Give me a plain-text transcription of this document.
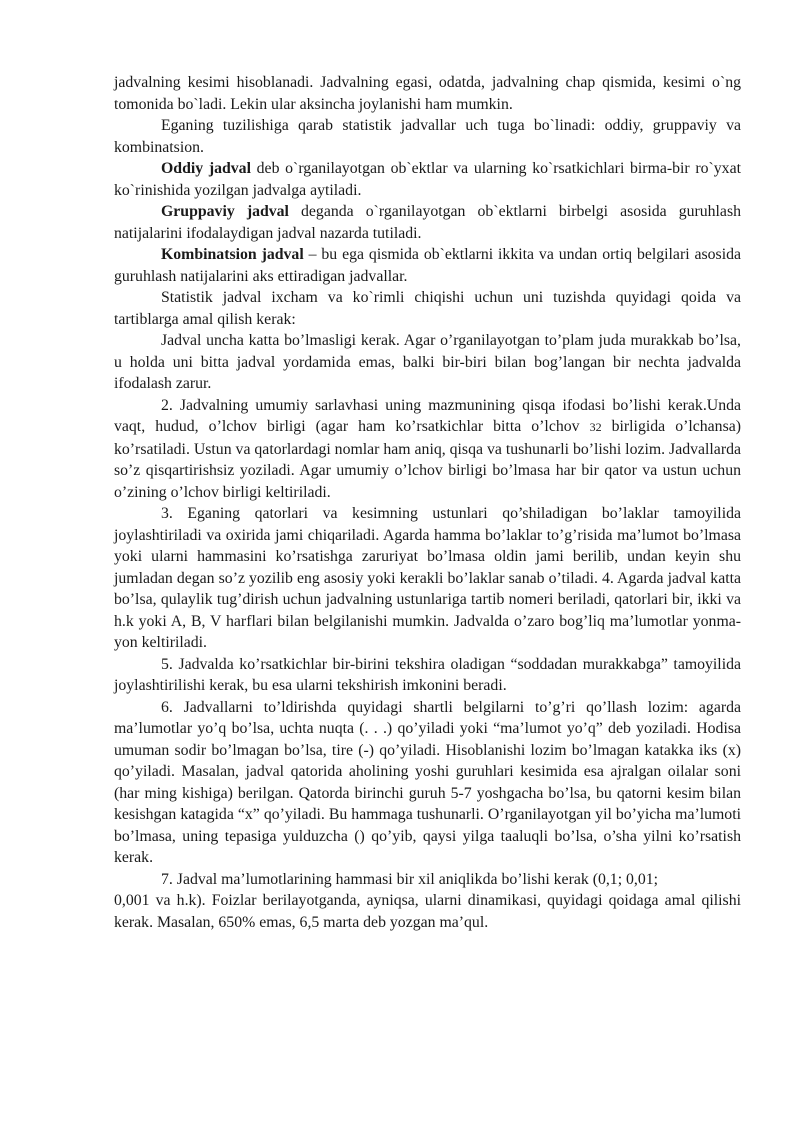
jadvalning kesimi hisoblanadi. Jadvalning egasi, odatda, jadvalning chap qismida, kesimi o`ng tomonida bo`ladi. Lekin ular aksincha joylanishi ham mumkin.

Eganing tuzilishiga qarab statistik jadvallar uch tuga bo`linadi: oddiy, gruppaviy va kombinatsion.

Oddiy jadval deb o`rganilayotgan ob`ektlar va ularning ko`rsatkichlari birma-bir ro`yxat ko`rinishida yozilgan jadvalga aytiladi.

Gruppaviy jadval deganda o`rganilayotgan ob`ektlarni birbelgi asosida guruhlash natijalarini ifodalaydigan jadval nazarda tutiladi.

Kombinatsion jadval – bu ega qismida ob`ektlarni ikkita va undan ortiq belgilari asosida guruhlash natijalarini aks ettiradigan jadvallar.

Statistik jadval ixcham va ko`rimli chiqishi uchun uni tuzishda quyidagi qoida va tartiblarga amal qilish kerak:

Jadval uncha katta bo’lmasligi kerak. Agar o’rganilayotgan to’plam juda murakkab bo’lsa, u holda uni bitta jadval yordamida emas, balki bir-biri bilan bog’langan bir nechta jadvalda ifodalash zarur.

2. Jadvalning umumiy sarlavhasi uning mazmunining qisqa ifodasi bo’lishi kerak.Unda vaqt, hudud, o’lchov birligi (agar ham ko’rsatkichlar bitta o’lchov 32 birligida o’lchansa) ko’rsatiladi. Ustun va qatorlardagi nomlar ham aniq, qisqa va tushunarli bo’lishi lozim. Jadvallarda so’z qisqartirishsiz yoziladi. Agar umumiy o’lchov birligi bo’lmasa har bir qator va ustun uchun o’zining o’lchov birligi keltiriladi.

3. Eganing qatorlari va kesimning ustunlari qo’shiladigan bo’laklar tamoyilida joylashtiriladi va oxirida jami chiqariladi. Agarda hamma bo’laklar to’g’risida ma’lumot bo’lmasa yoki ularni hammasini ko’rsatishga zaruriyat bo’lmasa oldin jami berilib, undan keyin shu jumladan degan so’z yozilib eng asosiy yoki kerakli bo’laklar sanab o’tiladi. 4. Agarda jadval katta bo’lsa, qulaylik tug’dirish uchun jadvalning ustunlariga tartib nomeri beriladi, qatorlari bir, ikki va h.k yoki A, B, V harflari bilan belgilanishi mumkin. Jadvalda o’zaro bog’liq ma’lumotlar yonma-yon keltiriladi.

5. Jadvalda ko’rsatkichlar bir-birini tekshira oladigan “soddadan murakkabga” tamoyilida joylashtirilishi kerak, bu esa ularni tekshirish imkonini beradi.

6. Jadvallarni to’ldirishda quyidagi shartli belgilarni to’g’ri qo’llash lozim: agarda ma’lumotlar yo’q bo’lsa, uchta nuqta (. . .) qo’yiladi yoki “ma’lumot yo’q” deb yoziladi. Hodisa umuman sodir bo’lmagan bo’lsa, tire (-) qo’yiladi. Hisoblanishi lozim bo’lmagan katakka iks (x) qo’yiladi. Masalan, jadval qatorida aholining yoshi guruhlari kesimida esa ajralgan oilalar soni (har ming kishiga) berilgan. Qatorda birinchi guruh 5-7 yoshgacha bo’lsa, bu qatorni kesim bilan kesishgan katagida “x” qo’yiladi. Bu hammaga tushunarli. O’rganilayotgan yil bo’yicha ma’lumoti bo’lmasa, uning tepasiga yulduzcha () qo’yib, qaysi yilga taaluqli bo’lsa, o’sha yilni ko’rsatish kerak.

7. Jadval ma’lumotlarining hammasi bir xil aniqlikda bo’lishi kerak (0,1; 0,01;

0,001 va h.k). Foizlar berilayotganda, ayniqsa, ularni dinamikasi, quyidagi qoidaga amal qilishi kerak. Masalan, 650% emas, 6,5 marta deb yozgan ma’qul.
